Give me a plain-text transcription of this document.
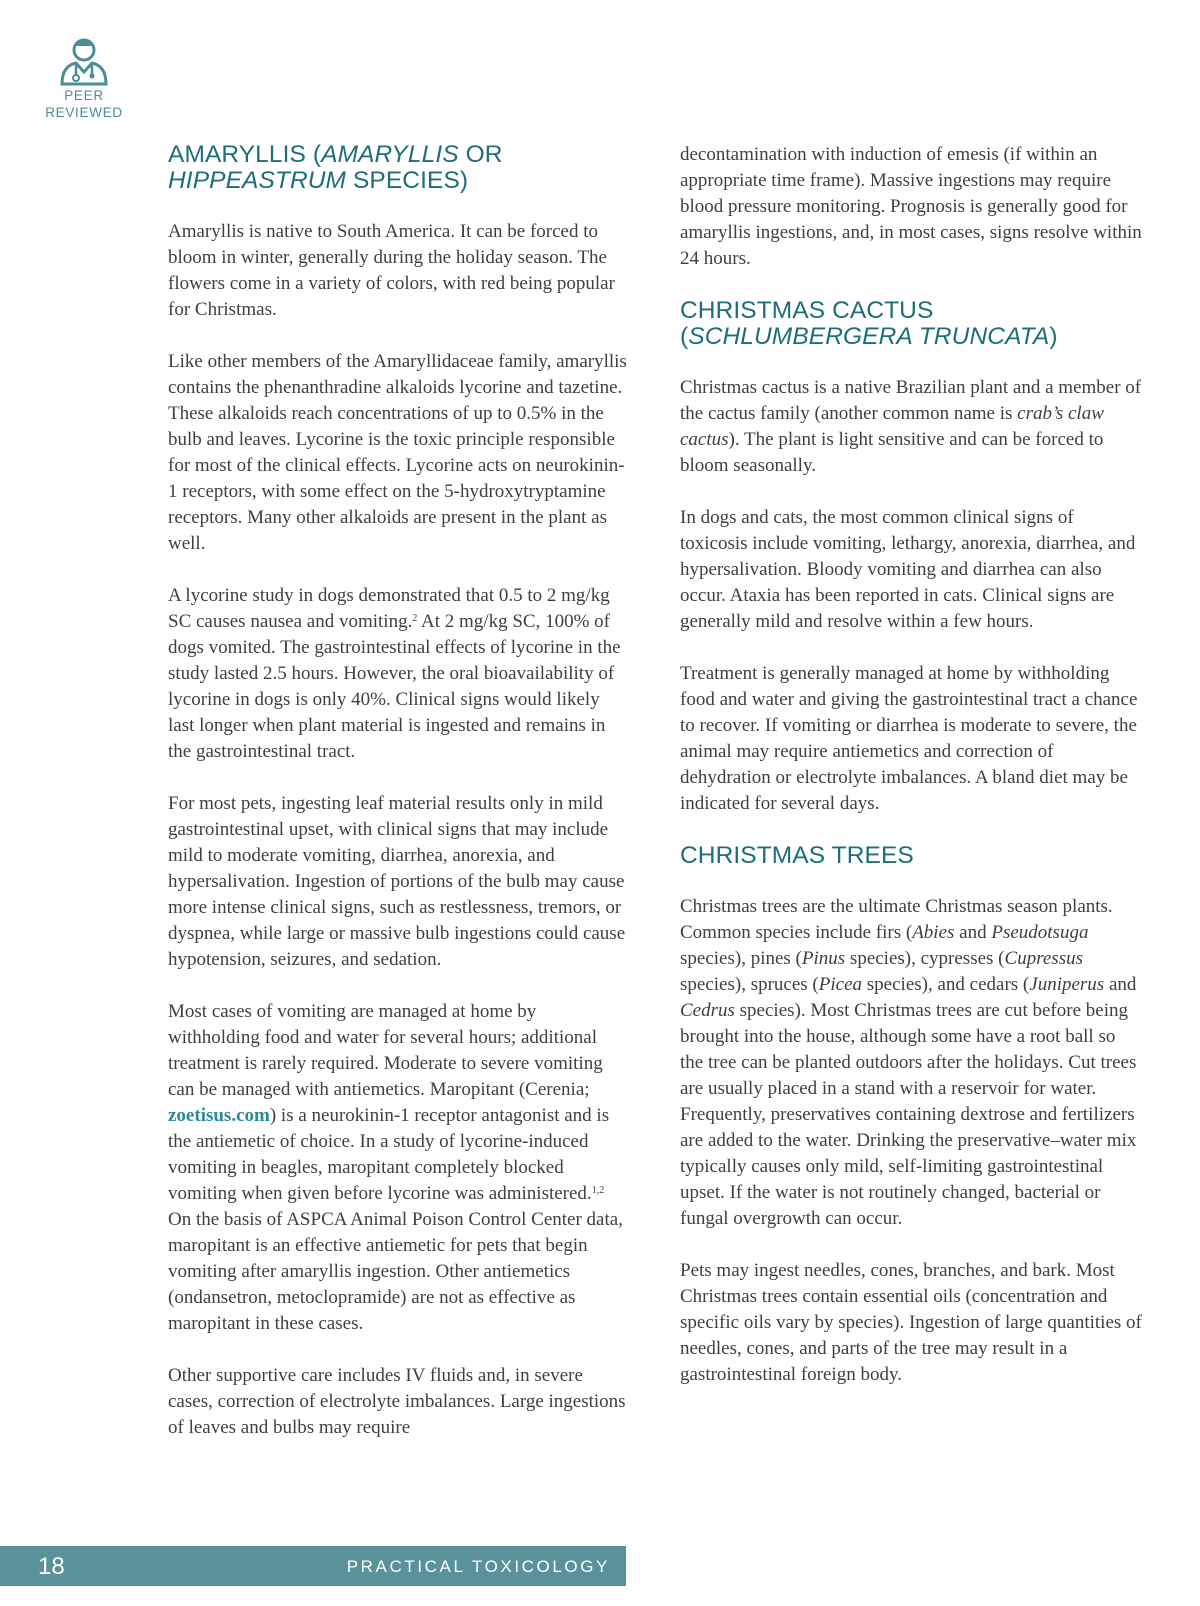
PEER
REVIEWED
AMARYLLIS (AMARYLLIS OR
HIPPEASTRUM SPECIES)

Amaryllis is native to South America. It can be forced to bloom in winter, generally during the holiday season. The flowers come in a variety of colors, with red being popular for Christmas.

Like other members of the Amaryllidaceae family, amaryllis contains the phenanthradine alkaloids lycorine and tazetine. These alkaloids reach concentrations of up to 0.5% in the bulb and leaves. Lycorine is the toxic principle responsible for most of the clinical effects. Lycorine acts on neurokinin-1 receptors, with some effect on the 5-hydroxytryptamine receptors. Many other alkaloids are present in the plant as well.

A lycorine study in dogs demonstrated that 0.5 to 2 mg/kg SC causes nausea and vomiting.$^2$ At 2 mg/kg SC, 100% of dogs vomited. The gastrointestinal effects of lycorine in the study lasted 2.5 hours. However, the oral bioavailability of lycorine in dogs is only 40%. Clinical signs would likely last longer when plant material is ingested and remains in the gastrointestinal tract.

For most pets, ingesting leaf material results only in mild gastrointestinal upset, with clinical signs that may include mild to moderate vomiting, diarrhea, anorexia, and hypersalivation. Ingestion of portions of the bulb may cause more intense clinical signs, such as restlessness, tremors, or dyspnea, while large or massive bulb ingestions could cause hypotension, seizures, and sedation.

Most cases of vomiting are managed at home by withholding food and water for several hours; additional treatment is rarely required. Moderate to severe vomiting can be managed with antiemetics. Maropitant (Cerenia; zoetisus.com) is a neurokinin-1 receptor antagonist and is the antiemetic of choice. In a study of lycorine-induced vomiting in beagles, maropitant completely blocked vomiting when given before lycorine was administered.$^{1,2}$ On the basis of ASPCA Animal Poison Control Center data, maropitant is an effective antiemetic for pets that begin vomiting after amaryllis ingestion. Other antiemetics (ondansetron, metoclopramide) are not as effective as maropitant in these cases.

Other supportive care includes IV fluids and, in severe cases, correction of electrolyte imbalances. Large ingestions of leaves and bulbs may require

decontamination with induction of emesis (if within an appropriate time frame). Massive ingestions may require blood pressure monitoring. Prognosis is generally good for amaryllis ingestions, and, in most cases, signs resolve within 24 hours.

CHRISTMAS CACTUS
(SCHLUMBERGERA TRUNCATA)

Christmas cactus is a native Brazilian plant and a member of the cactus family (another common name is crab’s claw cactus). The plant is light sensitive and can be forced to bloom seasonally.

In dogs and cats, the most common clinical signs of toxicosis include vomiting, lethargy, anorexia, diarrhea, and hypersalivation. Bloody vomiting and diarrhea can also occur. Ataxia has been reported in cats. Clinical signs are generally mild and resolve within a few hours.

Treatment is generally managed at home by withholding food and water and giving the gastrointestinal tract a chance to recover. If vomiting or diarrhea is moderate to severe, the animal may require antiemetics and correction of dehydration or electrolyte imbalances. A bland diet may be indicated for several days.

CHRISTMAS TREES

Christmas trees are the ultimate Christmas season plants. Common species include firs (Abies and Pseudotsuga species), pines (Pinus species), cypresses (Cupressus species), spruces (Picea species), and cedars (Juniperus and Cedrus species). Most Christmas trees are cut before being brought into the house, although some have a root ball so the tree can be planted outdoors after the holidays. Cut trees are usually placed in a stand with a reservoir for water. Frequently, preservatives containing dextrose and fertilizers are added to the water. Drinking the preservative–water mix typically causes only mild, self-limiting gastrointestinal upset. If the water is not routinely changed, bacterial or fungal overgrowth can occur.

Pets may ingest needles, cones, branches, and bark. Most Christmas trees contain essential oils (concentration and specific oils vary by species). Ingestion of large quantities of needles, cones, and parts of the tree may result in a gastrointestinal foreign body.

18	PRACTICAL TOXICOLOGY
